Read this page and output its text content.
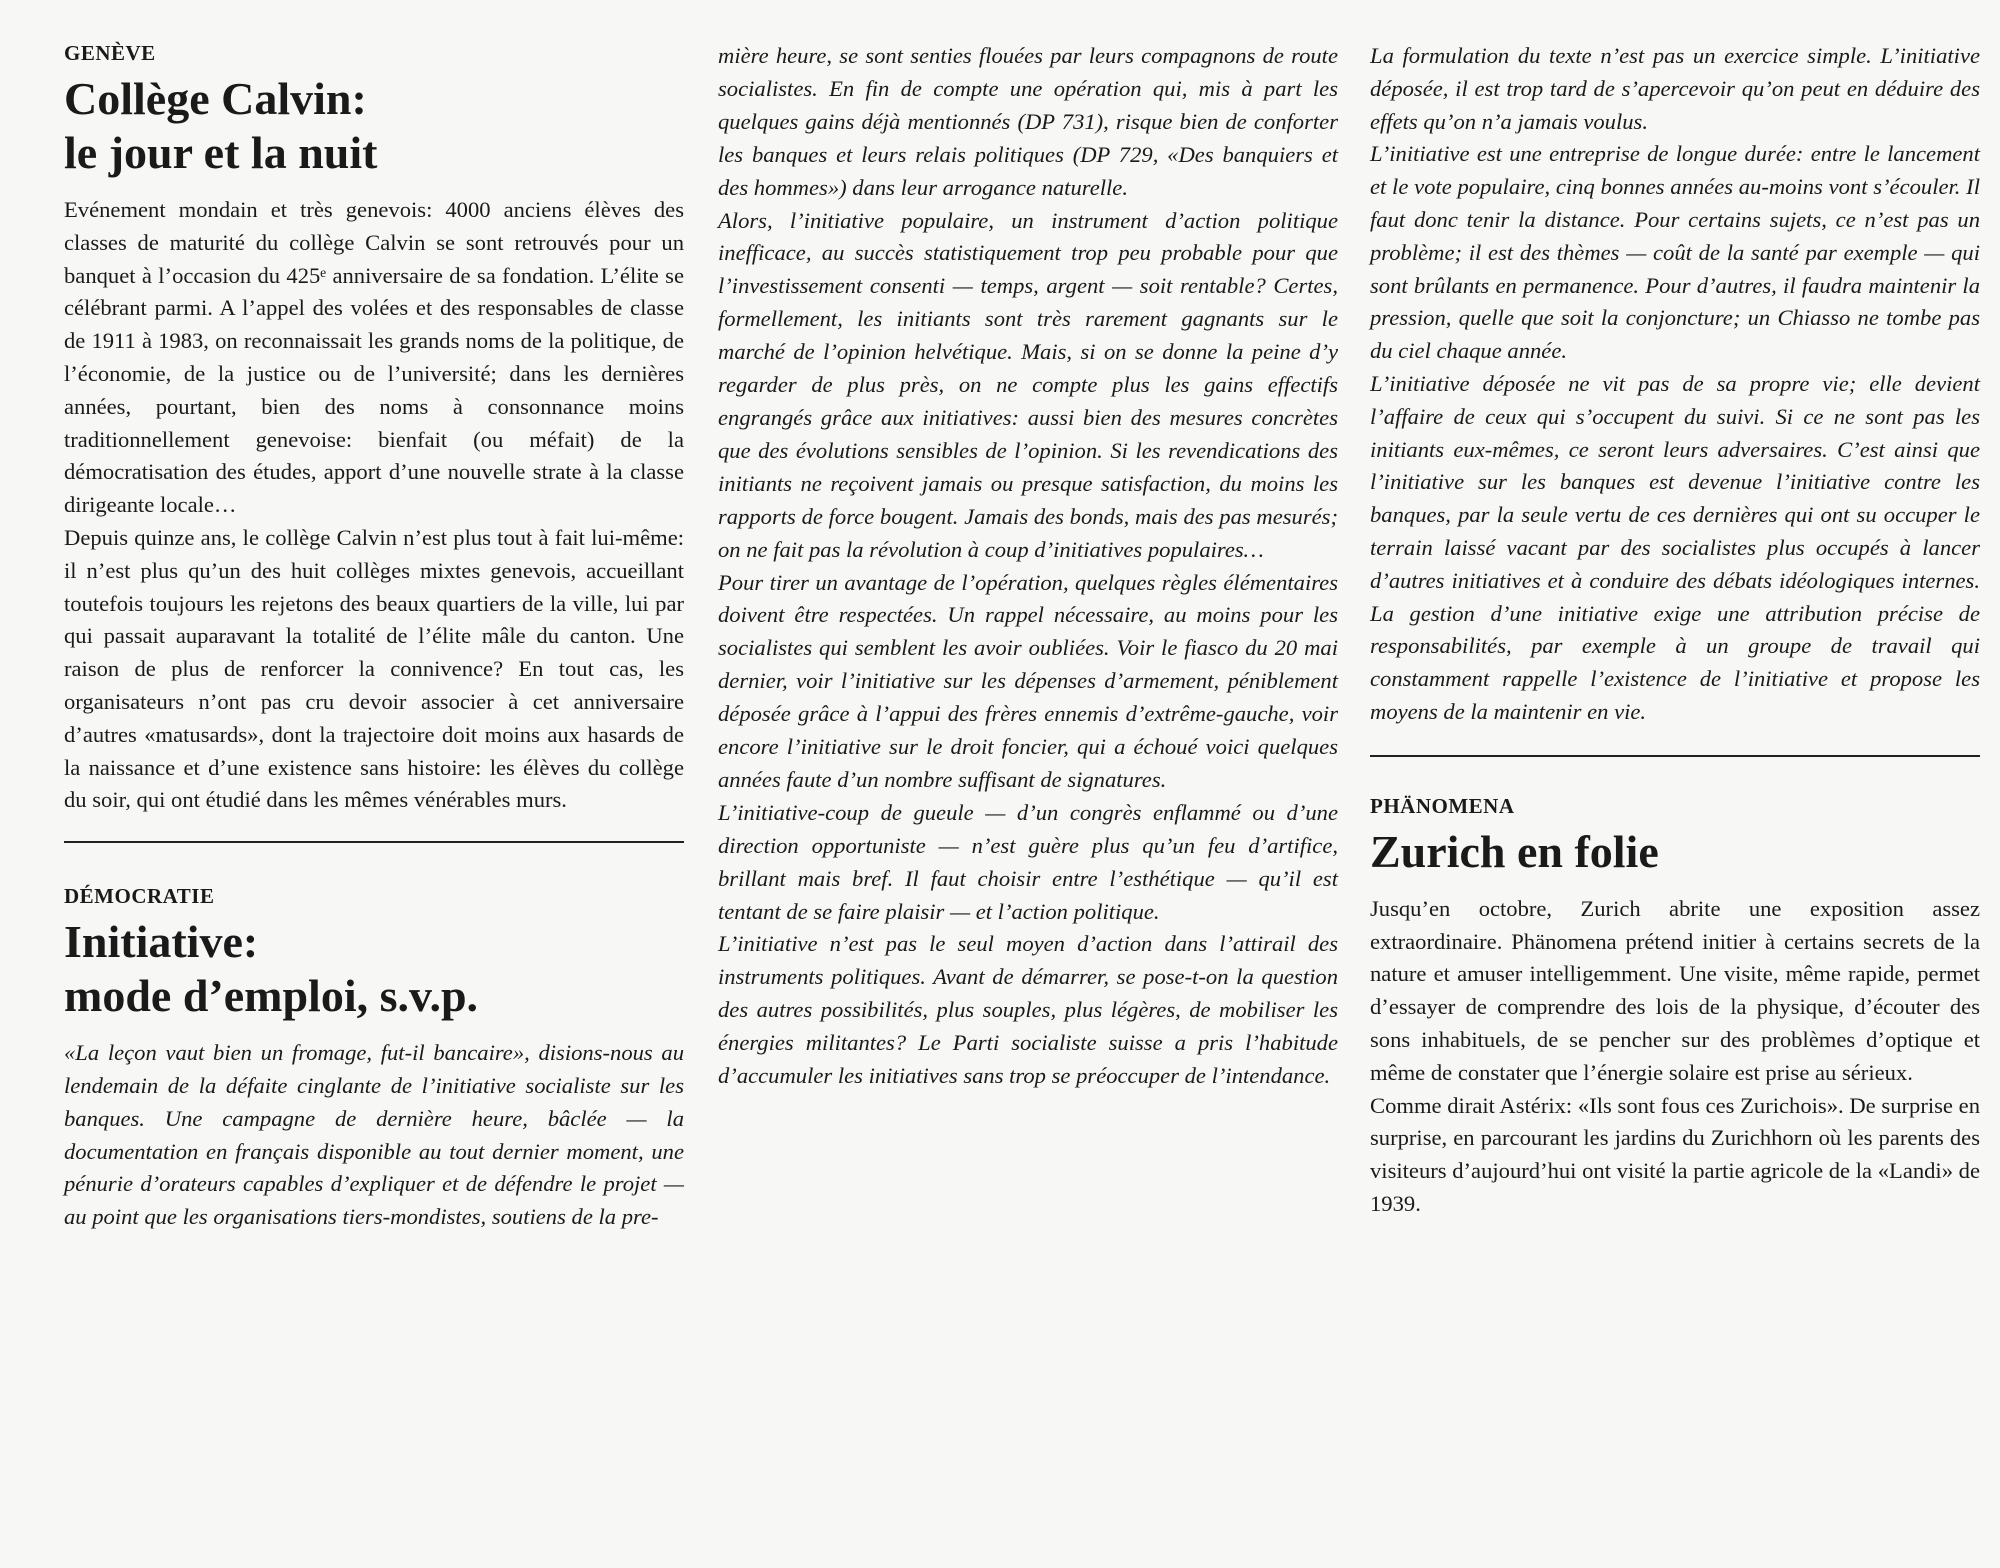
GENÈVE
Collège Calvin:
le jour et la nuit

Evénement mondain et très genevois: 4000 anciens élèves des classes de maturité du collège Calvin se sont retrouvés pour un banquet à l’occasion du 425ᵉ anniversaire de sa fondation. L’élite se célébrant parmi. A l’appel des volées et des responsables de classe de 1911 à 1983, on reconnaissait les grands noms de la politique, de l’économie, de la justice ou de l’université; dans les dernières années, pourtant, bien des noms à consonnance moins traditionnellement genevoise: bienfait (ou méfait) de la démocratisation des études, apport d’une nouvelle strate à la classe dirigeante locale…

Depuis quinze ans, le collège Calvin n’est plus tout à fait lui-même: il n’est plus qu’un des huit collèges mixtes genevois, accueillant toutefois toujours les rejetons des beaux quartiers de la ville, lui par qui passait auparavant la totalité de l’élite mâle du canton. Une raison de plus de renforcer la connivence? En tout cas, les organisateurs n’ont pas cru devoir associer à cet anniversaire d’autres «matusards», dont la trajectoire doit moins aux hasards de la naissance et d’une existence sans histoire: les élèves du collège du soir, qui ont étudié dans les mêmes vénérables murs.

DÉMOCRATIE
Initiative:
mode d’emploi, s.v.p.

«La leçon vaut bien un fromage, fut-il bancaire», disions-nous au lendemain de la défaite cinglante de l’initiative socialiste sur les banques. Une campagne de dernière heure, bâclée — la documentation en français disponible au tout dernier moment, une pénurie d’orateurs capables d’expliquer et de défendre le projet — au point que les organisations tiers-mondistes, soutiens de la pre-

mière heure, se sont senties flouées par leurs compagnons de route socialistes. En fin de compte une opération qui, mis à part les quelques gains déjà mentionnés (DP 731), risque bien de conforter les banques et leurs relais politiques (DP 729, «Des banquiers et des hommes») dans leur arrogance naturelle.

Alors, l’initiative populaire, un instrument d’action politique inefficace, au succès statistiquement trop peu probable pour que l’investissement consenti — temps, argent — soit rentable? Certes, formellement, les initiants sont très rarement gagnants sur le marché de l’opinion helvétique. Mais, si on se donne la peine d’y regarder de plus près, on ne compte plus les gains effectifs engrangés grâce aux initiatives: aussi bien des mesures concrètes que des évolutions sensibles de l’opinion. Si les revendications des initiants ne reçoivent jamais ou presque satisfaction, du moins les rapports de force bougent. Jamais des bonds, mais des pas mesurés; on ne fait pas la révolution à coup d’initiatives populaires…

Pour tirer un avantage de l’opération, quelques règles élémentaires doivent être respectées. Un rappel nécessaire, au moins pour les socialistes qui semblent les avoir oubliées. Voir le fiasco du 20 mai dernier, voir l’initiative sur les dépenses d’armement, péniblement déposée grâce à l’appui des frères ennemis d’extrême-gauche, voir encore l’initiative sur le droit foncier, qui a échoué voici quelques années faute d’un nombre suffisant de signatures.

L’initiative-coup de gueule — d’un congrès enflammé ou d’une direction opportuniste — n’est guère plus qu’un feu d’artifice, brillant mais bref. Il faut choisir entre l’esthétique — qu’il est tentant de se faire plaisir — et l’action politique.

L’initiative n’est pas le seul moyen d’action dans l’attirail des instruments politiques. Avant de démarrer, se pose-t-on la question des autres possibilités, plus souples, plus légères, de mobiliser les énergies militantes? Le Parti socialiste suisse a pris l’habitude d’accumuler les initiatives sans trop se préoccuper de l’intendance.

La formulation du texte n’est pas un exercice simple. L’initiative déposée, il est trop tard de s’apercevoir qu’on peut en déduire des effets qu’on n’a jamais voulus.

L’initiative est une entreprise de longue durée: entre le lancement et le vote populaire, cinq bonnes années au-moins vont s’écouler. Il faut donc tenir la distance. Pour certains sujets, ce n’est pas un problème; il est des thèmes — coût de la santé par exemple — qui sont brûlants en permanence. Pour d’autres, il faudra maintenir la pression, quelle que soit la conjoncture; un Chiasso ne tombe pas du ciel chaque année.

L’initiative déposée ne vit pas de sa propre vie; elle devient l’affaire de ceux qui s’occupent du suivi. Si ce ne sont pas les initiants eux-mêmes, ce seront leurs adversaires. C’est ainsi que l’initiative sur les banques est devenue l’initiative contre les banques, par la seule vertu de ces dernières qui ont su occuper le terrain laissé vacant par des socialistes plus occupés à lancer d’autres initiatives et à conduire des débats idéologiques internes. La gestion d’une initiative exige une attribution précise de responsabilités, par exemple à un groupe de travail qui constamment rappelle l’existence de l’initiative et propose les moyens de la maintenir en vie.

PHÄNOMENA
Zurich en folie

Jusqu’en octobre, Zurich abrite une exposition assez extraordinaire. Phänomena prétend initier à certains secrets de la nature et amuser intelligemment. Une visite, même rapide, permet d’essayer de comprendre des lois de la physique, d’écouter des sons inhabituels, de se pencher sur des problèmes d’optique et même de constater que l’énergie solaire est prise au sérieux.

Comme dirait Astérix: «Ils sont fous ces Zurichois». De surprise en surprise, en parcourant les jardins du Zurichhorn où les parents des visiteurs d’aujourd’hui ont visité la partie agricole de la «Landi» de 1939.
